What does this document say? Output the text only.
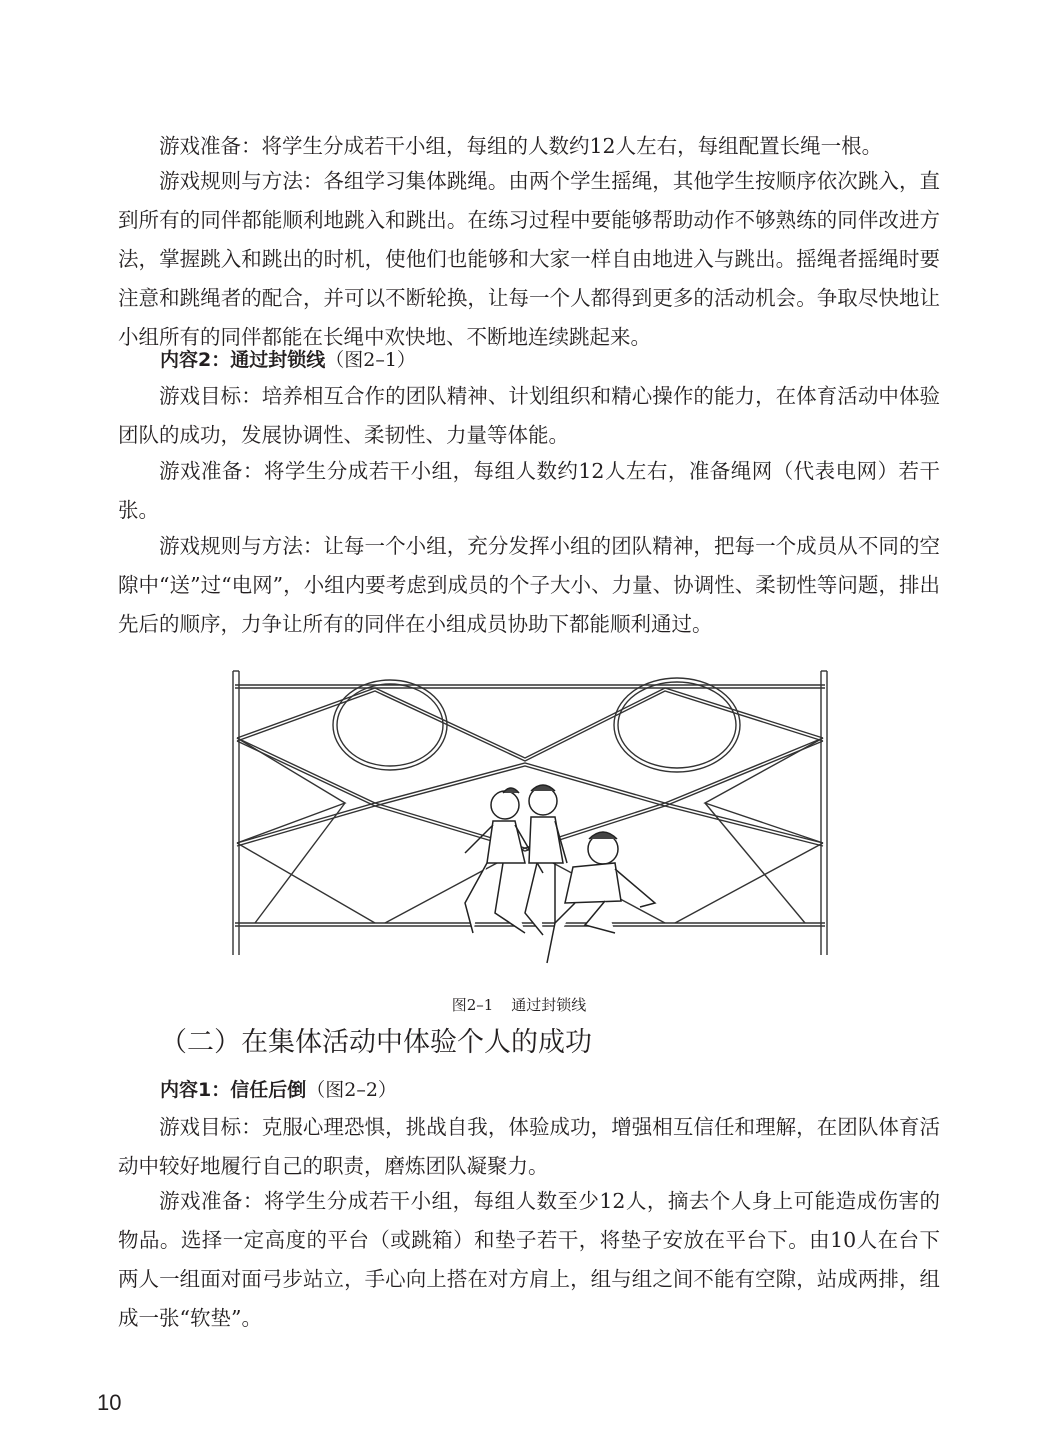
游戏准备：将学生分成若干小组，每组的人数约12人左右，每组配置长绳一根。

游戏规则与方法：各组学习集体跳绳。由两个学生摇绳，其他学生按顺序依次跳入，直到所有的同伴都能顺利地跳入和跳出。在练习过程中要能够帮助动作不够熟练的同伴改进方法，掌握跳入和跳出的时机，使他们也能够和大家一样自由地进入与跳出。摇绳者摇绳时要注意和跳绳者的配合，并可以不断轮换，让每一个人都得到更多的活动机会。争取尽快地让小组所有的同伴都能在长绳中欢快地、不断地连续跳起来。

内容2：通过封锁线（图2–1）

游戏目标：培养相互合作的团队精神、计划组织和精心操作的能力，在体育活动中体验团队的成功，发展协调性、柔韧性、力量等体能。

游戏准备：将学生分成若干小组，每组人数约12人左右，准备绳网（代表电网）若干张。

游戏规则与方法：让每一个小组，充分发挥小组的团队精神，把每一个成员从不同的空隙中“送”过“电网”，小组内要考虑到成员的个子大小、力量、协调性、柔韧性等问题，排出先后的顺序，力争让所有的同伴在小组成员协助下都能顺利通过。

图2–1 通过封锁线
（二）在集体活动中体验个人的成功
内容1：信任后倒（图2–2）

游戏目标：克服心理恐惧，挑战自我，体验成功，增强相互信任和理解，在团队体育活动中较好地履行自己的职责，磨炼团队凝聚力。

游戏准备：将学生分成若干小组，每组人数至少12人，摘去个人身上可能造成伤害的物品。选择一定高度的平台（或跳箱）和垫子若干，将垫子安放在平台下。由10人在台下两人一组面对面弓步站立，手心向上搭在对方肩上，组与组之间不能有空隙，站成两排，组成一张“软垫”。

10
